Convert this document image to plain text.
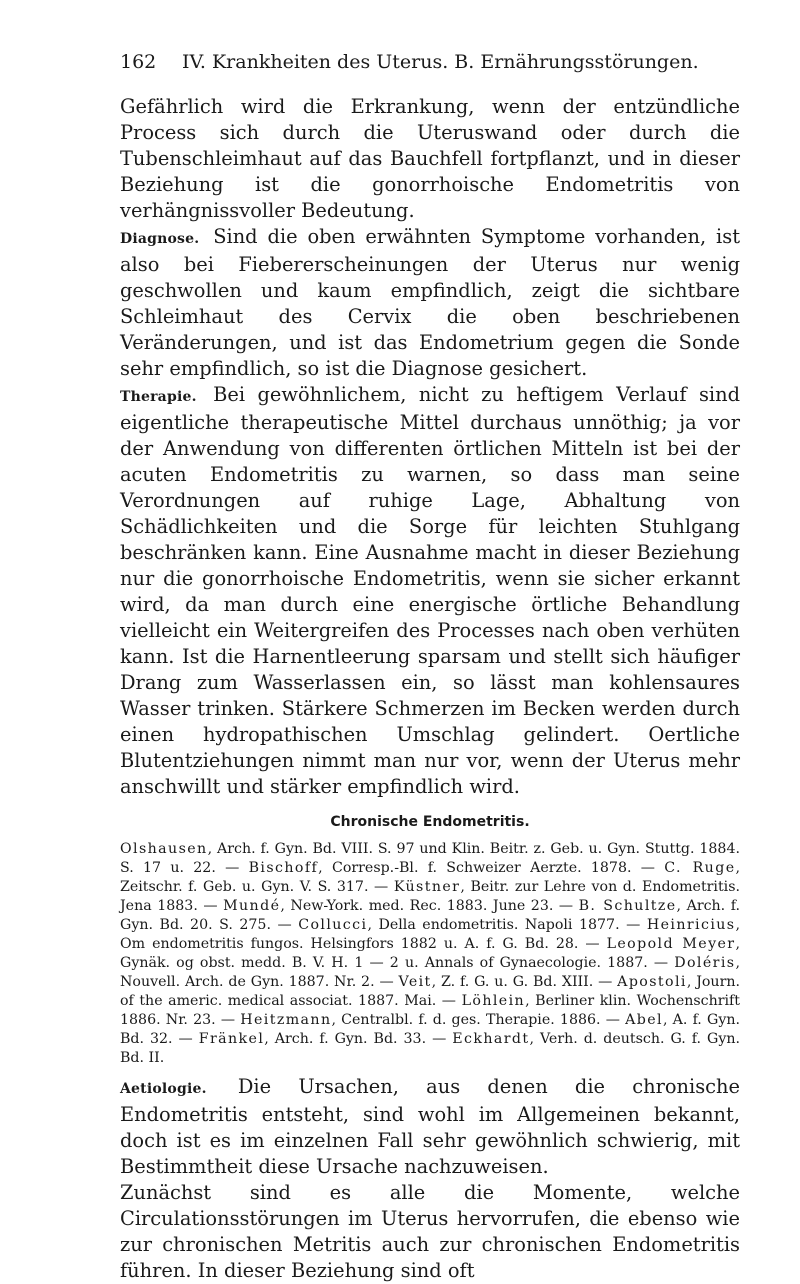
162 IV. Krankheiten des Uterus. B. Ernährungsstörungen.

Gefährlich wird die Erkrankung, wenn der entzündliche Process sich durch die Uteruswand oder durch die Tubenschleimhaut auf das Bauchfell fortpflanzt, und in dieser Beziehung ist die gonorrhoische Endometritis von verhängnissvoller Bedeutung.

Diagnose. Sind die oben erwähnten Symptome vorhanden, ist also bei Fiebererscheinungen der Uterus nur wenig geschwollen und kaum empfindlich, zeigt die sichtbare Schleimhaut des Cervix die oben beschriebenen Veränderungen, und ist das Endometrium gegen die Sonde sehr empfindlich, so ist die Diagnose gesichert.

Therapie. Bei gewöhnlichem, nicht zu heftigem Verlauf sind eigentliche therapeutische Mittel durchaus unnöthig; ja vor der Anwendung von differenten örtlichen Mitteln ist bei der acuten Endometritis zu warnen, so dass man seine Verordnungen auf ruhige Lage, Abhaltung von Schädlichkeiten und die Sorge für leichten Stuhlgang beschränken kann. Eine Ausnahme macht in dieser Beziehung nur die gonorrhoische Endometritis, wenn sie sicher erkannt wird, da man durch eine energische örtliche Behandlung vielleicht ein Weitergreifen des Processes nach oben verhüten kann. Ist die Harnentleerung sparsam und stellt sich häufiger Drang zum Wasserlassen ein, so lässt man kohlensaures Wasser trinken. Stärkere Schmerzen im Becken werden durch einen hydropathischen Umschlag gelindert. Oertliche Blutentziehungen nimmt man nur vor, wenn der Uterus mehr anschwillt und stärker empfindlich wird.

Chronische Endometritis.
Olshausen, Arch. f. Gyn. Bd. VIII. S. 97 und Klin. Beitr. z. Geb. u. Gyn. Stuttg. 1884. S. 17 u. 22. — Bischoff, Corresp.-Bl. f. Schweizer Aerzte. 1878. — C. Ruge, Zeitschr. f. Geb. u. Gyn. V. S. 317. — Küstner, Beitr. zur Lehre von d. Endometritis. Jena 1883. — Mundé, New-York. med. Rec. 1883. June 23. — B. Schultze, Arch. f. Gyn. Bd. 20. S. 275. — Collucci, Della endometritis. Napoli 1877. — Heinricius, Om endometritis fungos. Helsingfors 1882 u. A. f. G. Bd. 28. — Leopold Meyer, Gynäk. og obst. medd. B. V. H. 1 — 2 u. Annals of Gynaecologie. 1887. — Doléris, Nouvell. Arch. de Gyn. 1887. Nr. 2. — Veit, Z. f. G. u. G. Bd. XIII. — Apostoli, Journ. of the americ. medical associat. 1887. Mai. — Löhlein, Berliner klin. Wochenschrift 1886. Nr. 23. — Heitzmann, Centralbl. f. d. ges. Therapie. 1886. — Abel, A. f. Gyn. Bd. 32. — Fränkel, Arch. f. Gyn. Bd. 33. — Eckhardt, Verh. d. deutsch. G. f. Gyn. Bd. II.

Aetiologie. Die Ursachen, aus denen die chronische Endometritis entsteht, sind wohl im Allgemeinen bekannt, doch ist es im einzelnen Fall sehr gewöhnlich schwierig, mit Bestimmtheit diese Ursache nachzuweisen.

Zunächst sind es alle die Momente, welche Circulationsstörungen im Uterus hervorrufen, die ebenso wie zur chronischen Metritis auch zur chronischen Endometritis führen. In dieser Beziehung sind oft
